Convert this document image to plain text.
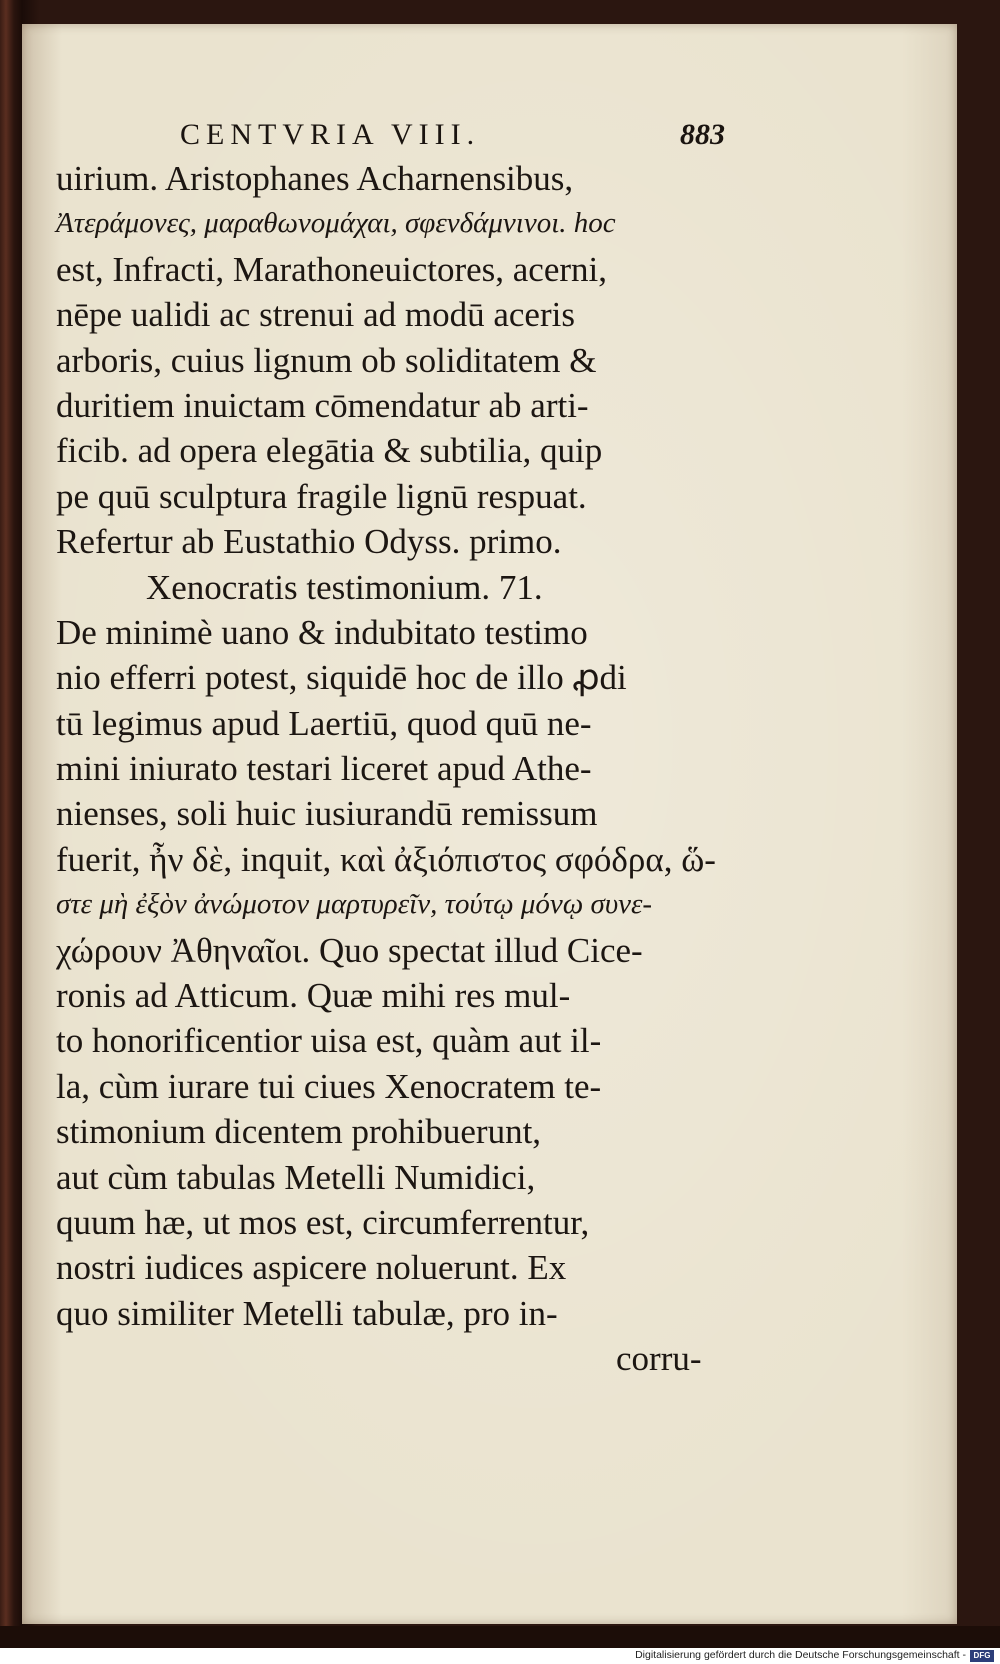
CENTVRIA VIII.	883
uirium. Aristophanes Acharnensibus,
Ἀτεράμονες, μαραθωνομάχαι, σφενδάμνινοι. hoc
est, Infracti, Marathoneuictores, acerni,
nēpe ualidi ac strenui ad modū aceris
arboris, cuius lignum ob soliditatem &
duritiem inuictam cōmendatur ab arti-
ficib. ad opera elegātia & subtilia, quip
pe quū sculptura fragile lignū respuat.
Refertur ab Eustathio Odyss. primo.
Xenocratis testimonium. 71.
De minimè uano & indubitato testimo
nio efferri potest, siquidē hoc de illo ꝓdi
tū legimus apud Laertiū, quod quū ne-
mini iniurato testari liceret apud Athe-
nienses, soli huic iusiurandū remissum
fuerit, ἦν δὲ, inquit, καὶ ἀξιόπιστος σφόδρα, ὥ-
στε μὴ ἐξὸν ἀνώμοτον μαρτυρεῖν, τούτῳ μόνῳ συνε-
χώρουν Ἀθηναῖοι. Quo spectat illud Cice-
ronis ad Atticum. Quæ mihi res mul-
to honorificentior uisa est, quàm aut il-
la, cùm iurare tui ciues Xenocratem te-
stimonium dicentem prohibuerunt,
aut cùm tabulas Metelli Numidici,
quum hæ, ut mos est, circumferrentur,
nostri iudices aspicere noluerunt. Ex
quo similiter Metelli tabulæ, pro in-
corru-
Digitalisierung gefördert durch die Deutsche Forschungsgemeinschaft - DFG
